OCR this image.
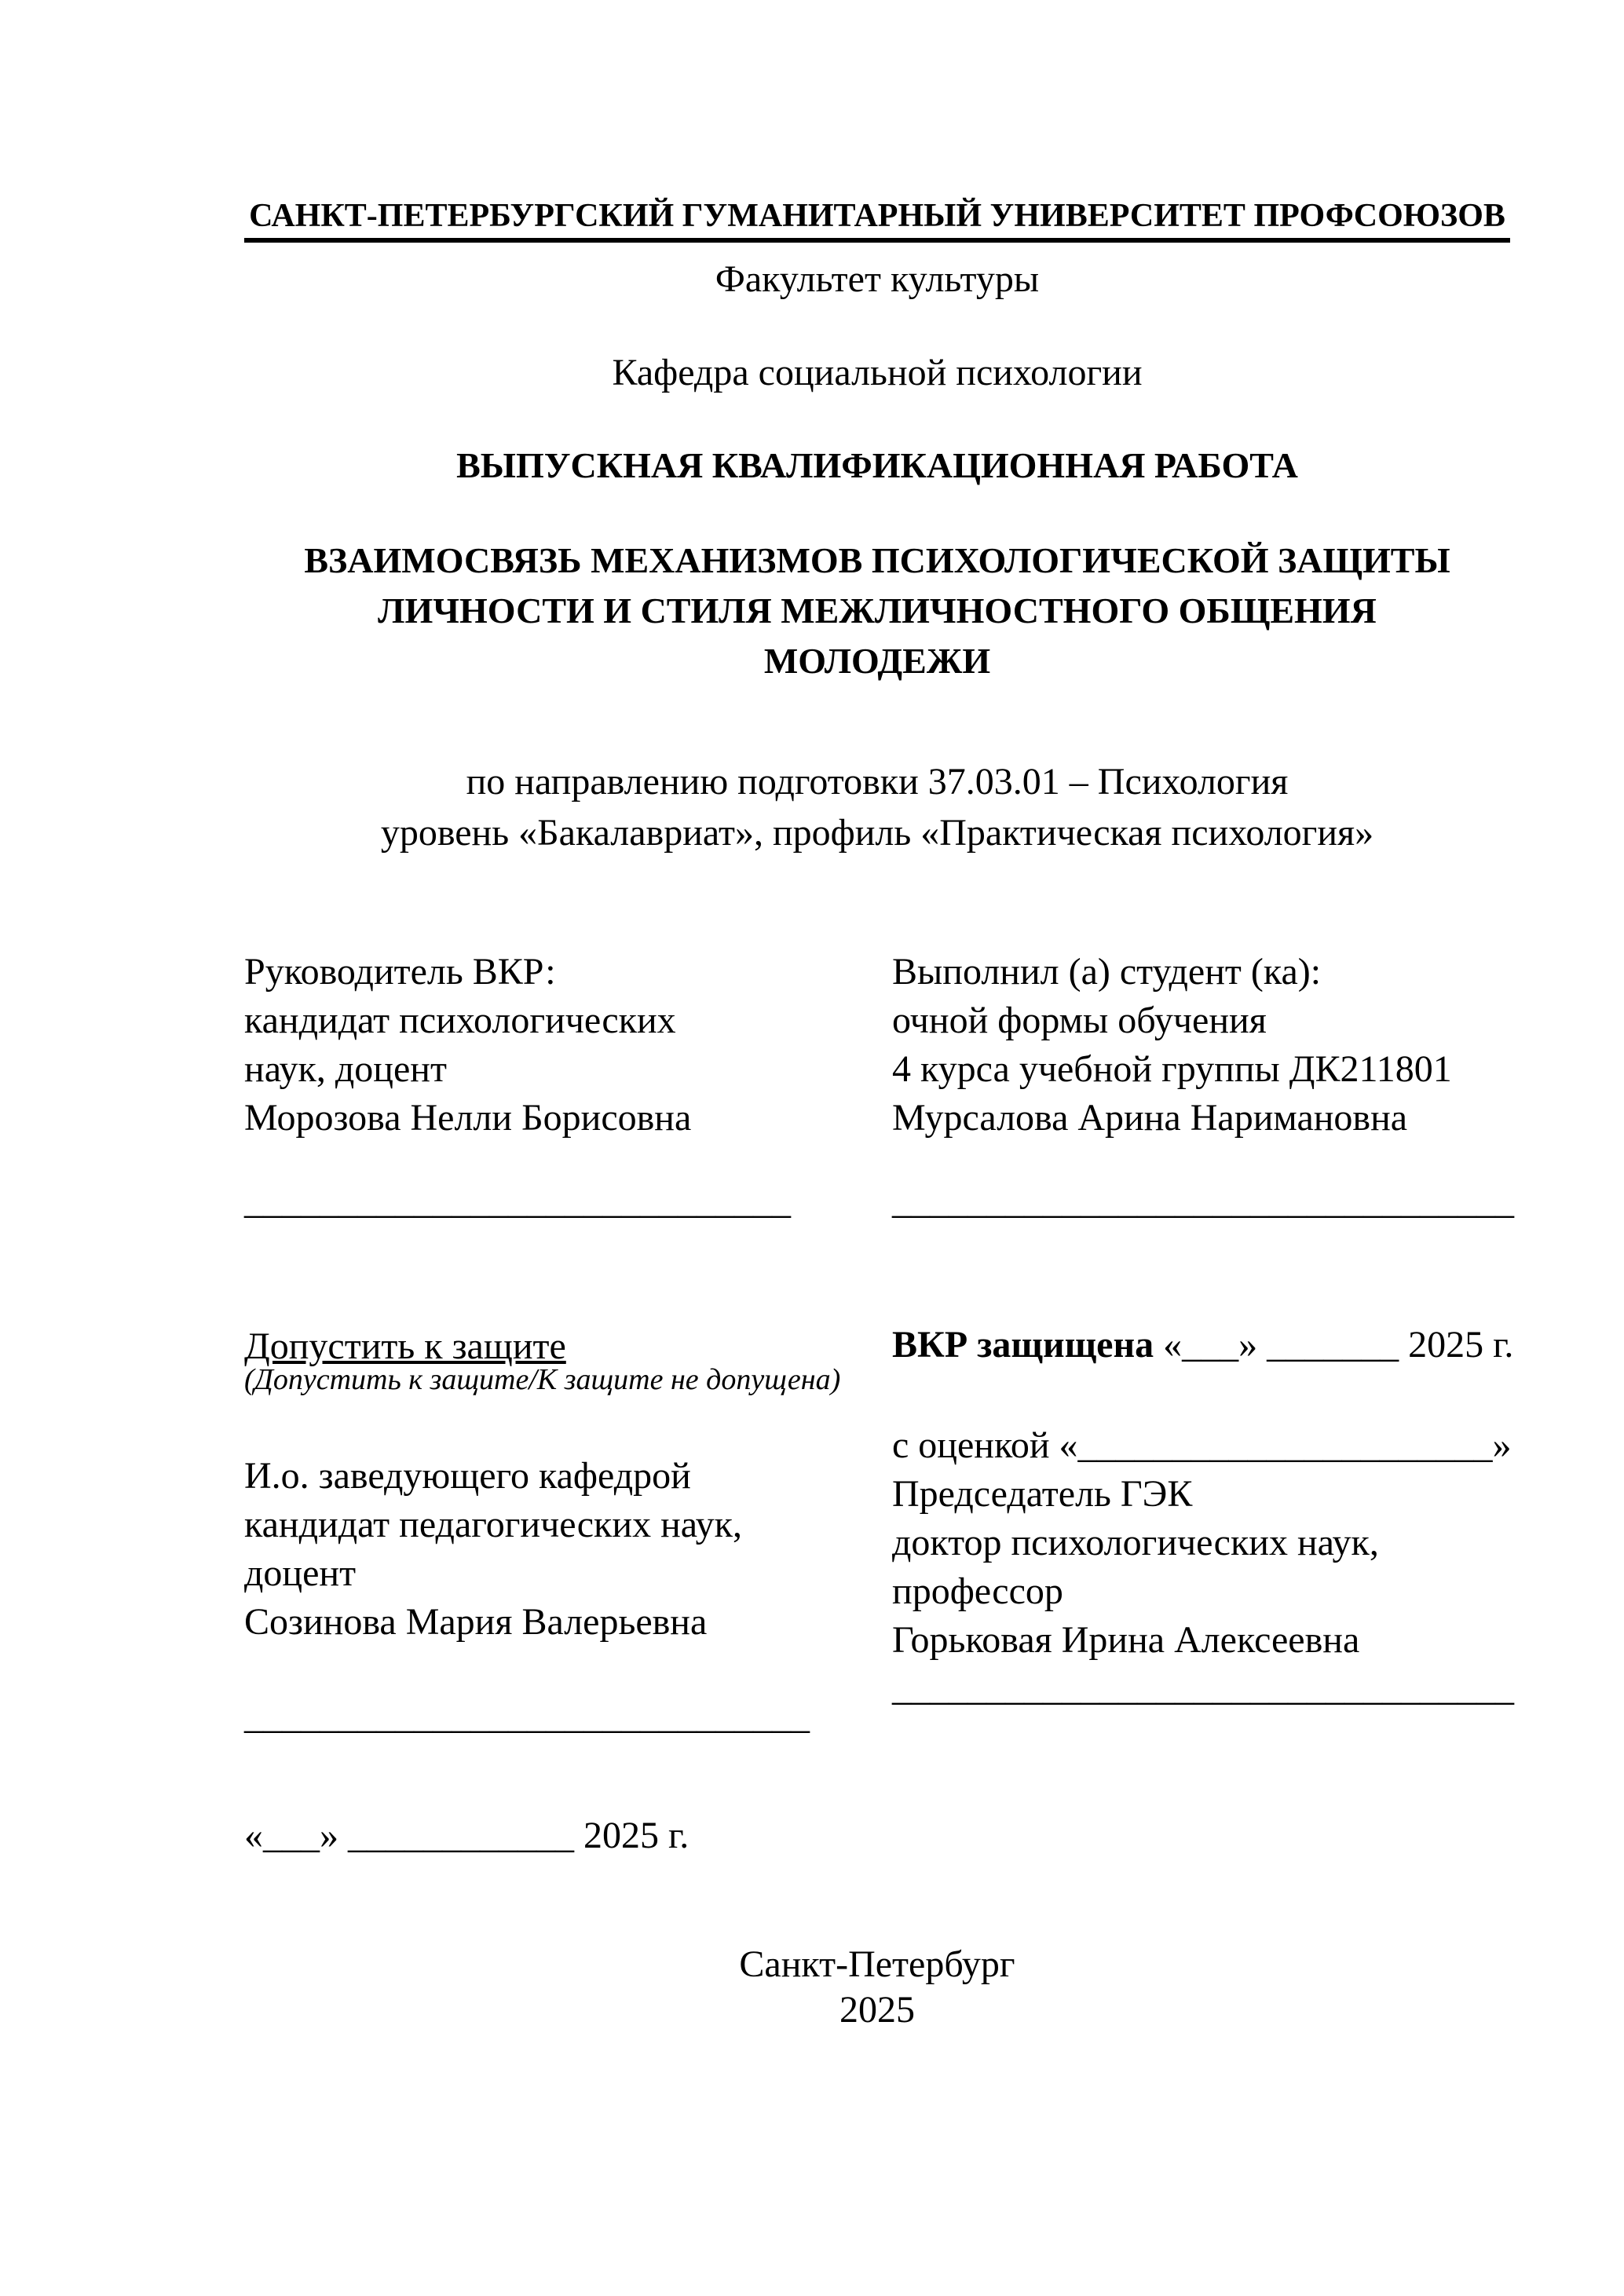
САНКТ-ПЕТЕРБУРГСКИЙ ГУМАНИТАРНЫЙ УНИВЕРСИТЕТ ПРОФСОЮЗОВ
Факультет культуры
Кафедра социальной психологии
ВЫПУСКНАЯ КВАЛИФИКАЦИОННАЯ РАБОТА
ВЗАИМОСВЯЗЬ МЕХАНИЗМОВ ПСИХОЛОГИЧЕСКОЙ ЗАЩИТЫ
ЛИЧНОСТИ И СТИЛЯ МЕЖЛИЧНОСТНОГО ОБЩЕНИЯ
МОЛОДЕЖИ
по направлению подготовки 37.03.01 – Психология
уровень «Бакалавриат», профиль «Практическая психология»
Руководитель ВКР:
кандидат психологических
наук, доцент
Морозова Нелли Борисовна
Выполнил (а) студент (ка):
очной формы обучения
4 курса учебной группы ДК211801
Мурсалова Арина Наримановна
_____________________________	_________________________________
Допустить к защите
(Допустить к защите/К защите не допущена)
И.о. заведующего кафедрой
кандидат педагогических наук,
доцент
Созинова Мария Валерьевна
ВКР защищена «___» _______ 2025 г.
с оценкой «______________________»
Председатель ГЭК
доктор психологических наук,
профессор
Горьковая Ирина Алексеевна
_________________________________
______________________________
«___» ____________ 2025 г.
Санкт-Петербург
2025
